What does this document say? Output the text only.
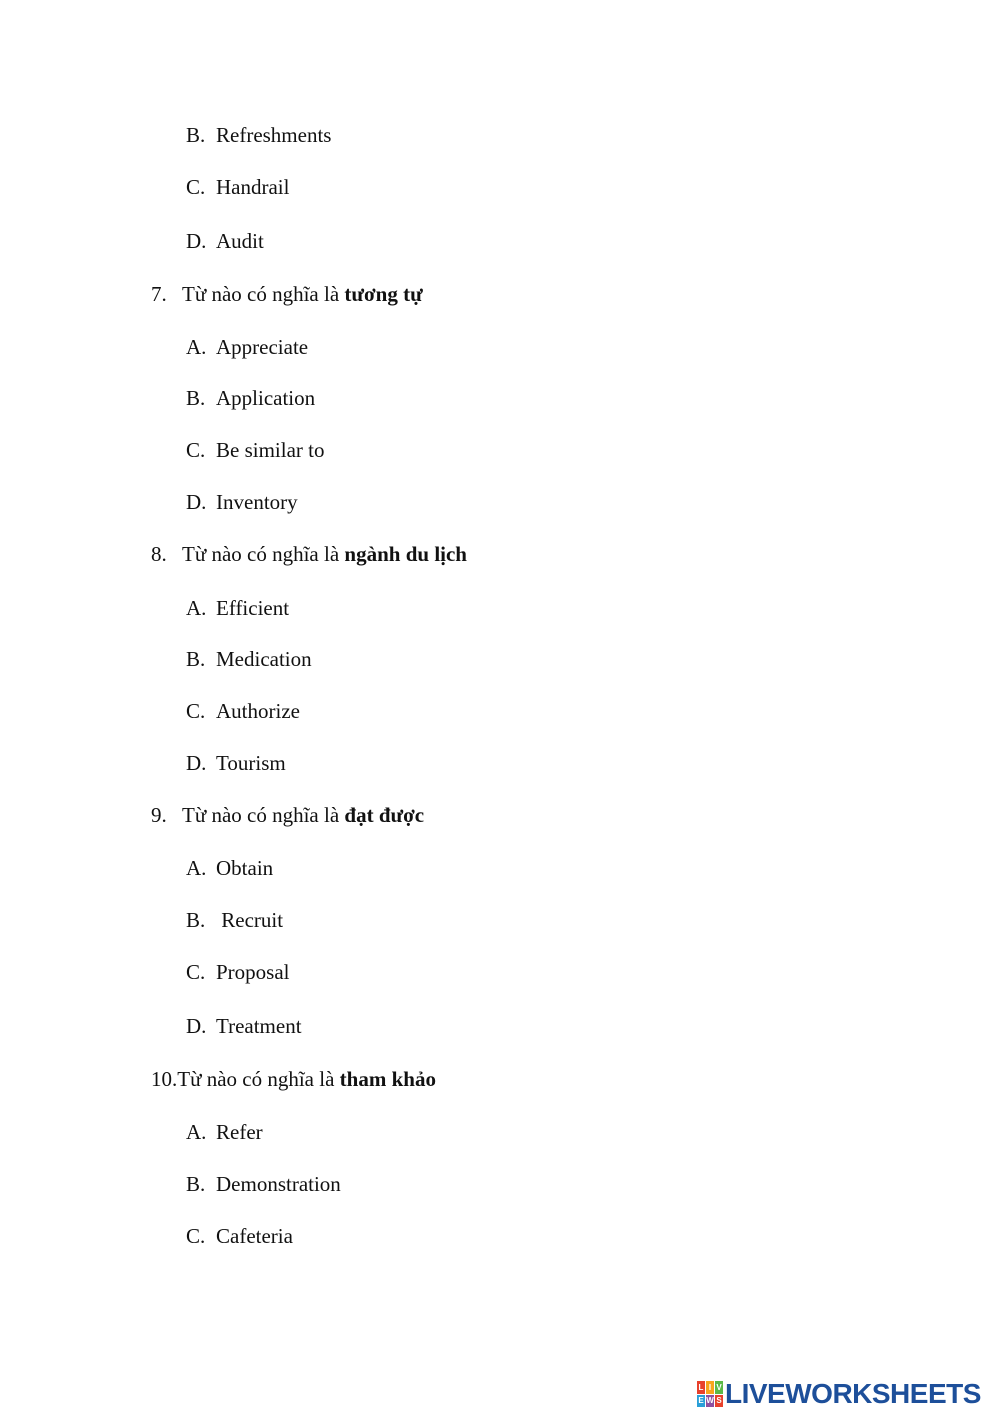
B. Refreshments
C. Handrail
D. Audit
7. Từ nào có nghĩa là tương tự
A. Appreciate
B. Application
C. Be similar to
D. Inventory
8. Từ nào có nghĩa là ngành du lịch
A. Efficient
B. Medication
C. Authorize
D. Tourism
9. Từ nào có nghĩa là đạt được
A. Obtain
B. Recruit
C. Proposal
D. Treatment
10.Từ nào có nghĩa là tham khảo
A. Refer
B. Demonstration
C. Cafeteria
L I V
E W S LIVEWORKSHEETS
